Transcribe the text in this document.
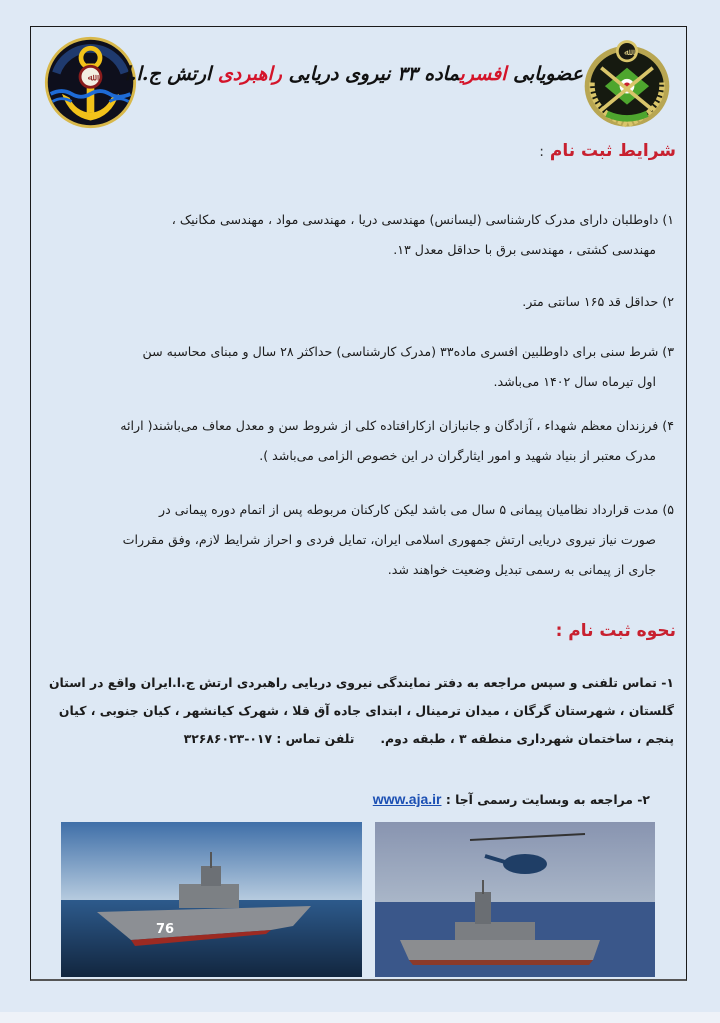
ﷲ	عضویابی افسریماده ۳۳ نیروی دریایی راهبردی ارتش ج.ا.ا
ﷲ
شرایط ثبت نام :
۱) داوطلبان دارای مدرک کارشناسی (لیسانس) مهندسی دریا ، مهندسی مواد ، مهندسی مکانیک ،
مهندسی کشتی ، مهندسی برق با حداقل معدل ۱۳.
۲) حداقل قد ۱۶۵ سانتی متر.
۳) شرط سنی برای داوطلبین افسری ماده۳۳ (مدرک کارشناسی) حداکثر ۲۸ سال و مبنای محاسبه سن
اول تیرماه سال ۱۴۰۲ می‌باشد.
۴) فرزندان معظم شهداء ، آزادگان و جانبازان ازکارافتاده کلی از شروط سن و معدل معاف می‌باشند( ارائه
مدرک معتبر از بنیاد شهید و امور ایثارگران در این خصوص الزامی می‌باشد ).
۵) مدت قرارداد نظامیان پیمانی ۵ سال می باشد لیکن کارکنان مربوطه پس از اتمام دوره پیمانی در
صورت نیاز نیروی دریایی ارتش جمهوری اسلامی ایران، تمایل فردی و احراز شرایط لازم، وفق مقررات
جاری از پیمانی به رسمی تبدیل وضعیت خواهند شد.
نحوه ثبت نام :
۱- تماس تلفنی و سپس مراجعه به دفتر نمایندگی نیروی دریایی راهبردی ارتش ج.ا.ایران واقع در استان
گلستان ، شهرستان گرگان ، میدان ترمینال ، ابتدای جاده آق قلا ، شهرک کیانشهر ، کیان جنوبی ، کیان
پنجم ، ساختمان شهرداری منطقه ۳ ، طبقه دوم.      تلفن تماس : ۰۱۷-۳۲۶۸۶۰۲۳
۲- مراجعه به وبسایت رسمی آجا : www.aja.ir
76
